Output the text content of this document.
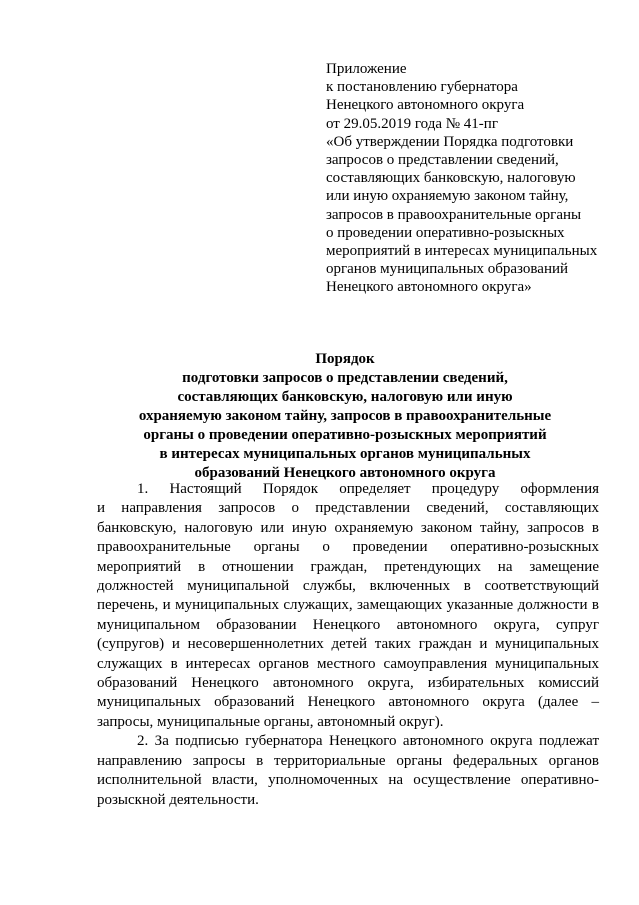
Приложение
к постановлению губернатора
Ненецкого автономного округа
от 29.05.2019 года № 41-пг
«Об утверждении Порядка подготовки
запросов о представлении сведений,
составляющих банковскую, налоговую
или иную охраняемую законом тайну,
запросов в правоохранительные органы
о проведении оперативно-розыскных
мероприятий в интересах муниципальных
органов муниципальных образований
Ненецкого автономного округа»
Порядок
подготовки запросов о представлении сведений,
составляющих банковскую, налоговую или иную
охраняемую законом тайну, запросов в правоохранительные
органы о проведении оперативно-розыскных мероприятий
в интересах муниципальных органов муниципальных
образований Ненецкого автономного округа
1. Настоящий Порядок определяет процедуру оформления
и направления запросов о представлении сведений, составляющих
банковскую, налоговую или иную охраняемую законом тайну, запросов в
правоохранительные органы о проведении оперативно-розыскных
мероприятий в отношении граждан, претендующих на замещение
должностей муниципальной службы, включенных в соответствующий
перечень, и муниципальных служащих, замещающих указанные должности в
муниципальном образовании Ненецкого автономного округа, супруг
(супругов) и несовершеннолетних детей таких граждан и муниципальных
служащих в интересах органов местного самоуправления муниципальных
образований Ненецкого автономного округа, избирательных комиссий
муниципальных образований Ненецкого автономного округа (далее –
запросы, муниципальные органы, автономный округ).
2. За подписью губернатора Ненецкого автономного округа подлежат
направлению запросы в территориальные органы федеральных органов
исполнительной власти, уполномоченных на осуществление оперативно-
розыскной деятельности.
